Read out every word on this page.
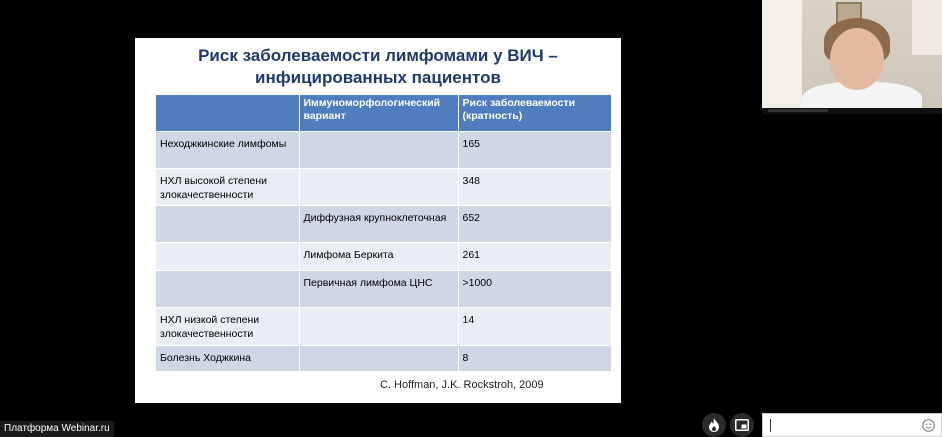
Риск заболеваемости лимфомами у ВИЧ –
инфицированных пациентов
	Иммуноморфологический вариант	Риск заболеваемости (кратность)
Неходжкинские лимфомы		165
НХЛ высокой степени злокачественности		348
	Диффузная крупноклеточная	652
	Лимфома Беркита	261
	Первичная лимфома ЦНС	>1000
НХЛ низкой степени злокачественности		14
Болезнь Ходжкина		8
C. Hoffman, J.K. Rockstroh, 2009
Платформа Webinar.ru
